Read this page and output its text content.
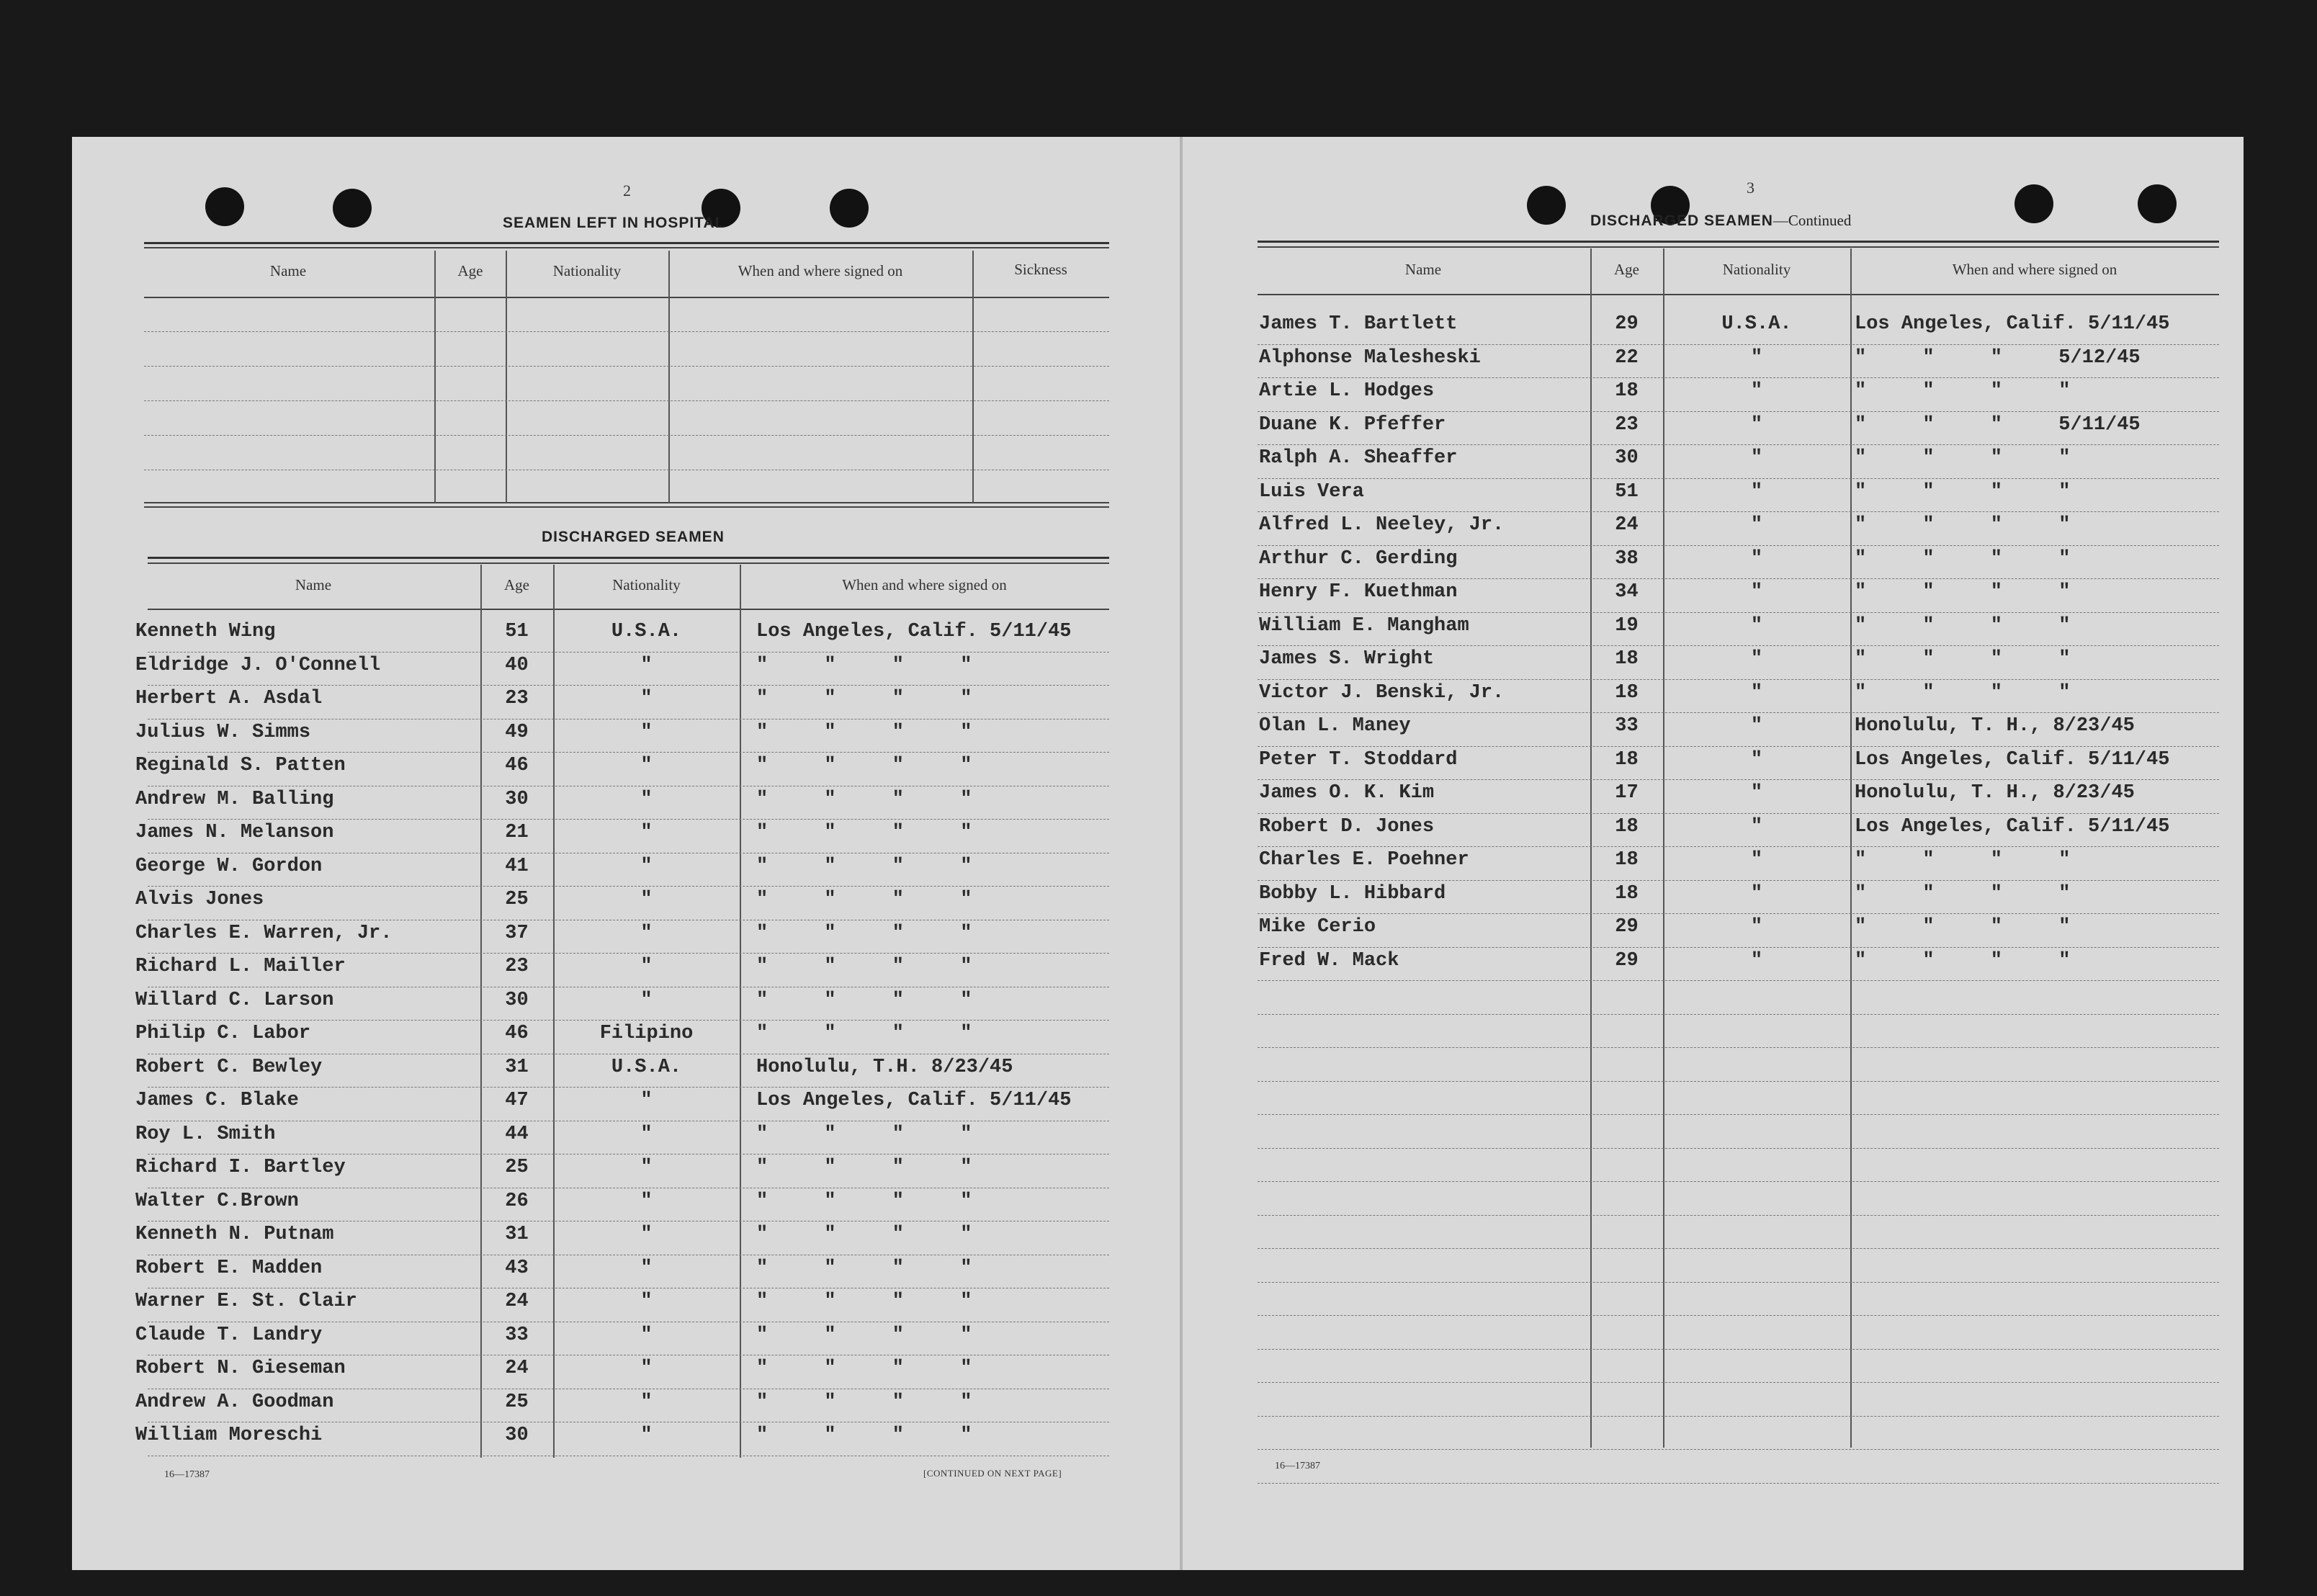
2
SEAMEN LEFT IN HOSPITAL
Name	Age	Nationality	When and where signed on	Sickness
DISCHARGED SEAMEN
Name	Age	Nationality	When and where signed on
Kenneth Wing	51	U.S.A.	Los Angeles, Calif. 5/11/45
Eldridge J. O'Connell	40	"	" " " "
Herbert A. Asdal	23	"	" " " "
Julius W. Simms	49	"	" " " "
Reginald S. Patten	46	"	" " " "
Andrew M. Balling	30	"	" " " "
James N. Melanson	21	"	" " " "
George W. Gordon	41	"	" " " "
Alvis Jones	25	"	" " " "
Charles E. Warren, Jr.	37	"	" " " "
Richard L. Mailler	23	"	" " " "
Willard C. Larson	30	"	" " " "
Philip C. Labor	46	Filipino	" " " "
Robert C. Bewley	31	U.S.A.	Honolulu, T.H. 8/23/45
James C. Blake	47	"	Los Angeles, Calif. 5/11/45
Roy L. Smith	44	"	" " " "
Richard I. Bartley	25	"	" " " "
Walter C.Brown	26	"	" " " "
Kenneth N. Putnam	31	"	" " " "
Robert E. Madden	43	"	" " " "
Warner E. St. Clair	24	"	" " " "
Claude T. Landry	33	"	" " " "
Robert N. Gieseman	24	"	" " " "
Andrew A. Goodman	25	"	" " " "
William Moreschi	30	"	" " " "
16—17387	[CONTINUED ON NEXT PAGE]
3
DISCHARGED SEAMEN—Continued
Name	Age	Nationality	When and where signed on
James T. Bartlett	29	U.S.A.	Los Angeles, Calif. 5/11/45
Alphonse Malesheski	22	"	" " " 5/12/45
Artie L. Hodges	18	"	" " " "
Duane K. Pfeffer	23	"	" " " 5/11/45
Ralph A. Sheaffer	30	"	" " " "
Luis Vera	51	"	" " " "
Alfred L. Neeley, Jr.	24	"	" " " "
Arthur C. Gerding	38	"	" " " "
Henry F. Kuethman	34	"	" " " "
William E. Mangham	19	"	" " " "
James S. Wright	18	"	" " " "
Victor J. Benski, Jr.	18	"	" " " "
Olan L. Maney	33	"	Honolulu, T. H., 8/23/45
Peter T. Stoddard	18	"	Los Angeles, Calif. 5/11/45
James O. K. Kim	17	"	Honolulu, T. H., 8/23/45
Robert D. Jones	18	"	Los Angeles, Calif. 5/11/45
Charles E. Poehner	18	"	" " " "
Bobby L. Hibbard	18	"	" " " "
Mike Cerio	29	"	" " " "
Fred W. Mack	29	"	" " " "
16—17387
